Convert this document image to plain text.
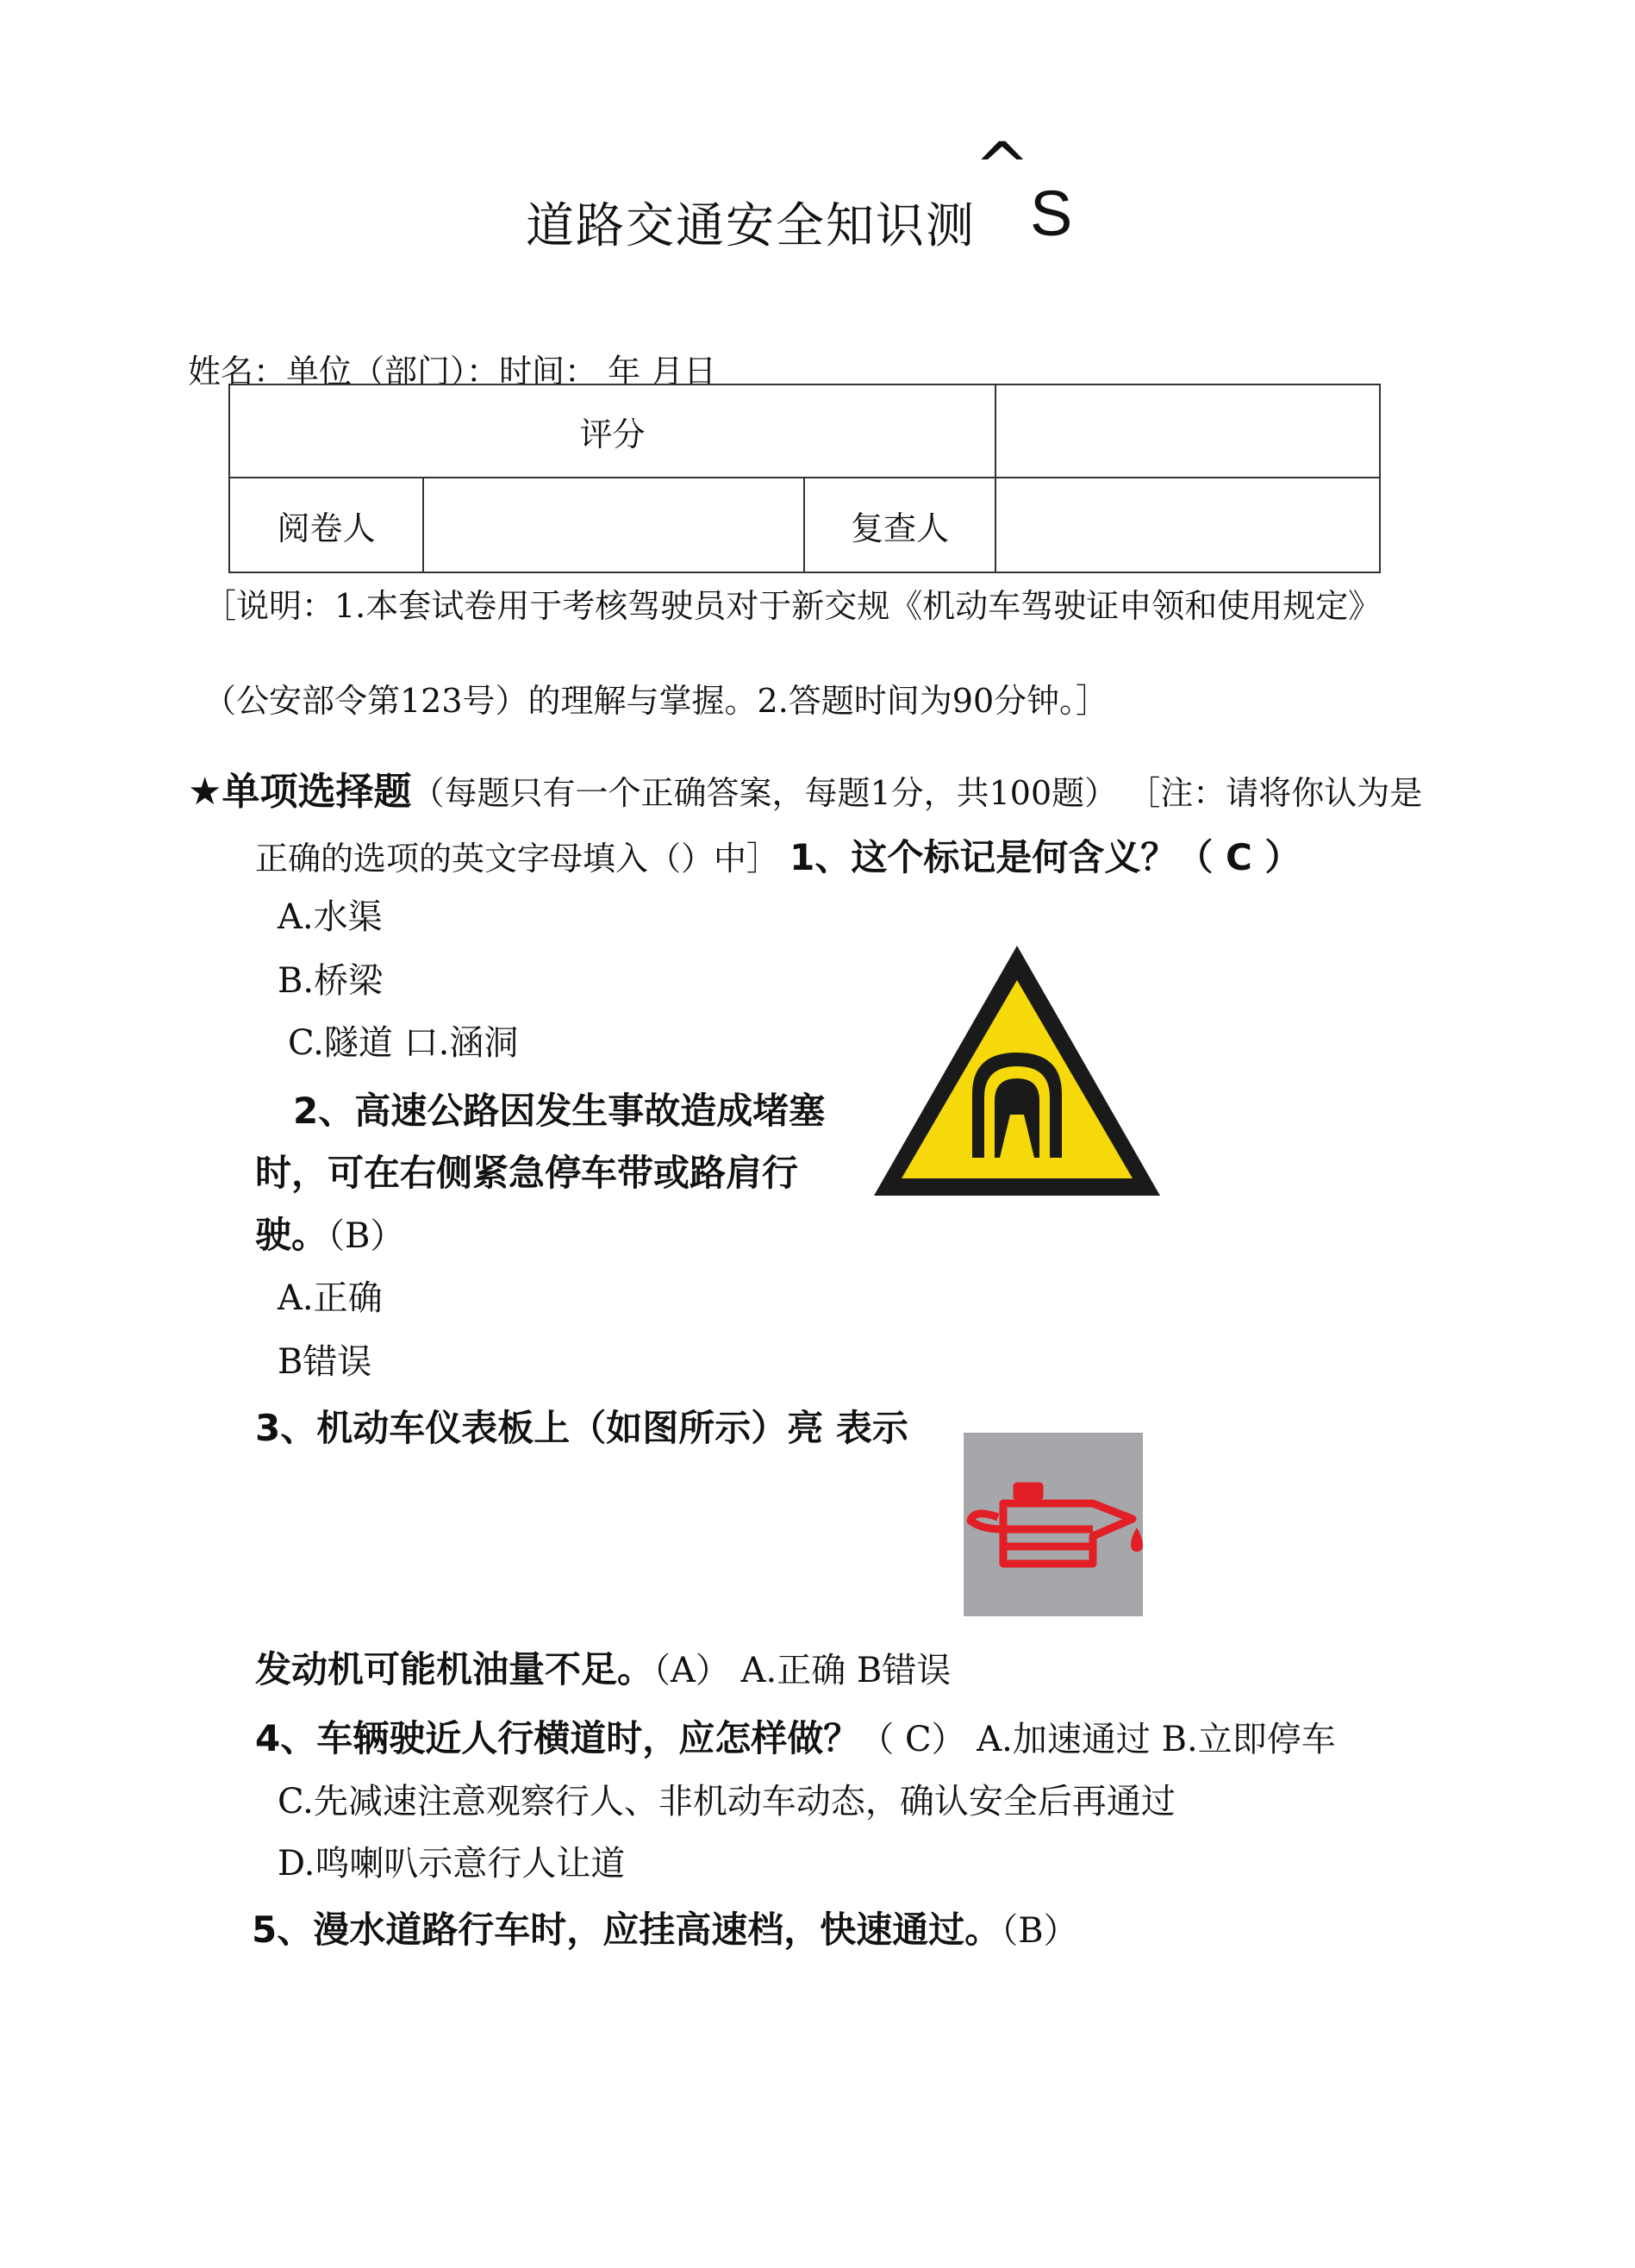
道路交通安全知识测
^
S
姓名：单位（部门）：时间： 年 月日
评分			
阅卷人		复查人	
［说明：1.本套试卷用于考核驾驶员对于新交规《机动车驾驶证申领和使用规定》
（公安部令第123号）的理解与掌握。2.答题时间为90分钟。］
★单项选择题（每题只有一个正确答案，每题1分，共100题） ［注：请将你认为是
正确的选项的英文字母填入（）中］ 1、这个标记是何含义？（ C ）
A.水渠
B.桥梁
C.隧道 口.涵洞
2、高速公路因发生事故造成堵塞
时，可在右侧紧急停车带或路肩行
驶。（B）
A.正确
B错误
3、机动车仪表板上（如图所示）亮 表示
发动机可能机油量不足。（A） A.正确 B错误
4、车辆驶近人行横道时，应怎样做？（ C） A.加速通过 B.立即停车
C.先减速注意观察行人、非机动车动态，确认安全后再通过
D.鸣喇叭示意行人让道
5、漫水道路行车时，应挂高速档，快速通过。（B）
